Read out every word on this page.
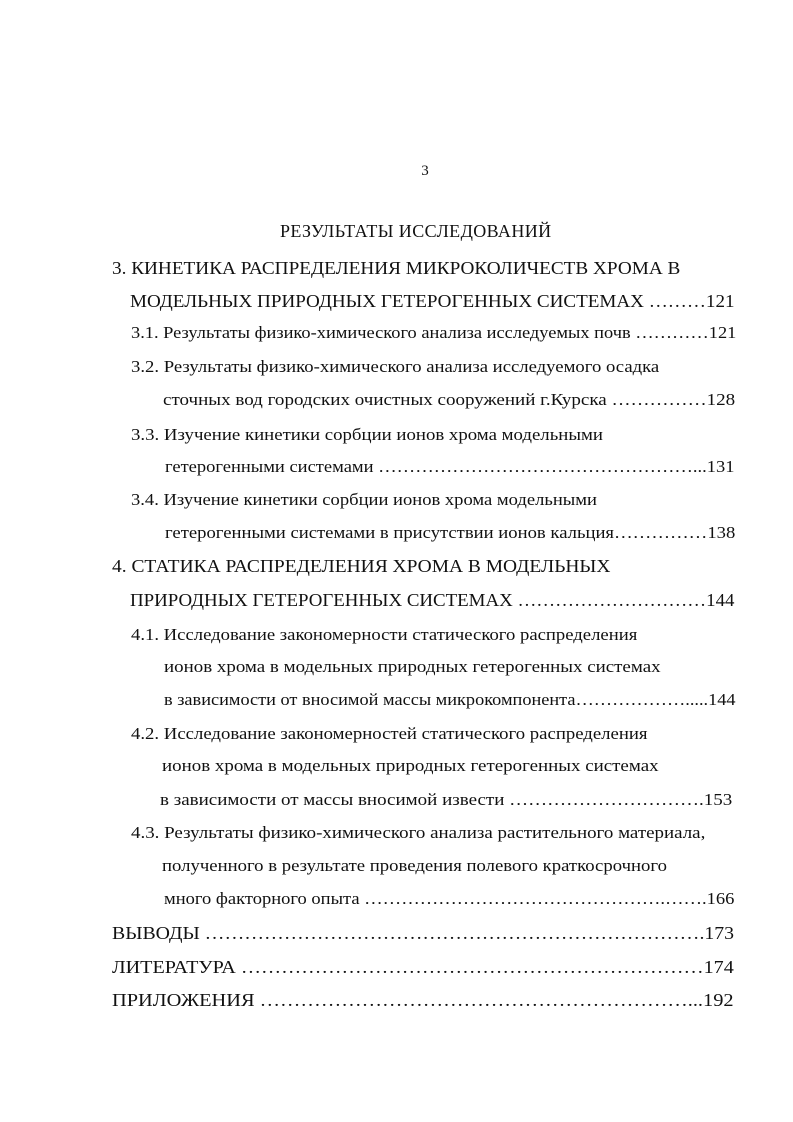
3
РЕЗУЛЬТАТЫ ИССЛЕДОВАНИЙ
3. КИНЕТИКА РАСПРЕДЕЛЕНИЯ МИКРОКОЛИЧЕСТВ ХРОМА В
МОДЕЛЬНЫХ ПРИРОДНЫХ ГЕТЕРОГЕННЫХ СИСТЕМАХ ………121
3.1. Результаты физико-химического анализа исследуемых почв …………121
3.2. Результаты физико-химического анализа исследуемого осадка
сточных вод городских очистных сооружений г.Курска ……………128
3.3. Изучение кинетики сорбции ионов хрома модельными
гетерогенными системами ……………………………………………...131
3.4. Изучение кинетики сорбции ионов хрома модельными
гетерогенными системами в присутствии ионов кальция……………138
4. СТАТИКА РАСПРЕДЕЛЕНИЯ ХРОМА В МОДЕЛЬНЫХ
ПРИРОДНЫХ ГЕТЕРОГЕННЫХ СИСТЕМАХ …………………………144
4.1. Исследование закономерности статического распределения
ионов хрома в модельных природных гетерогенных системах
в зависимости от вносимой массы микрокомпонента……………….....144
4.2. Исследование закономерностей статического распределения
ионов хрома в модельных природных гетерогенных системах
в зависимости от массы вносимой извести ………………………….153
4.3. Результаты физико-химического анализа растительного материала,
полученного в результате проведения полевого краткосрочного
много факторного опыта ………………………………………….…….166
ВЫВОДЫ ………………………………………………………………….173
ЛИТЕРАТУРА ……………………………………………………………174
ПРИЛОЖЕНИЯ ………………………………………………………...192
